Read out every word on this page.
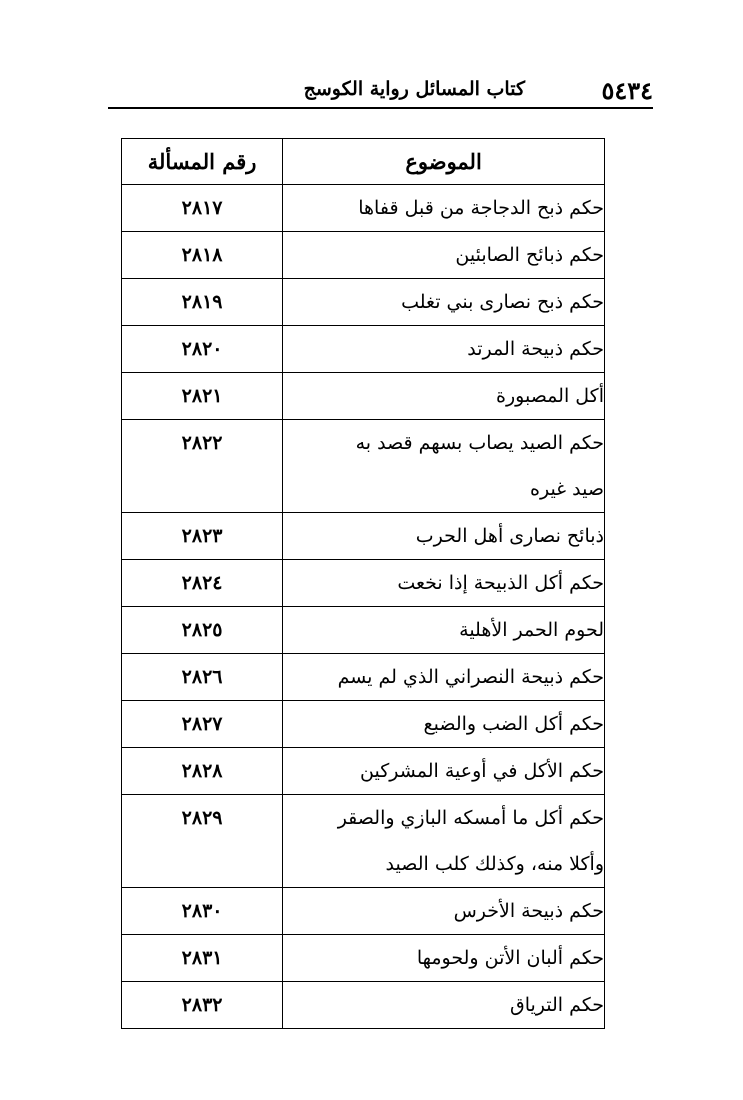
٥٤٣٤
كتاب المسائل رواية الكوسج
الموضوع	رقم المسألة
حكم ذبح الدجاجة من قبل قفاها	٢٨١٧
حكم ذبائح الصابئين	٢٨١٨
حكم ذبح نصارى بني تغلب	٢٨١٩
حكم ذبيحة المرتد	٢٨٢٠
أكل المصبورة	٢٨٢١
حكم الصيد يصاب بسهم قصد به
صيد غيره	٢٨٢٢
ذبائح نصارى أهل الحرب	٢٨٢٣
حكم أكل الذبيحة إذا نخعت	٢٨٢٤
لحوم الحمر الأهلية	٢٨٢٥
حكم ذبيحة النصراني الذي لم يسم	٢٨٢٦
حكم أكل الضب والضبع	٢٨٢٧
حكم الأكل في أوعية المشركين	٢٨٢٨
حكم أكل ما أمسكه البازي والصقر
وأكلا منه، وكذلك كلب الصيد	٢٨٢٩
حكم ذبيحة الأخرس	٢٨٣٠
حكم ألبان الأتن ولحومها	٢٨٣١
حكم الترياق	٢٨٣٢
